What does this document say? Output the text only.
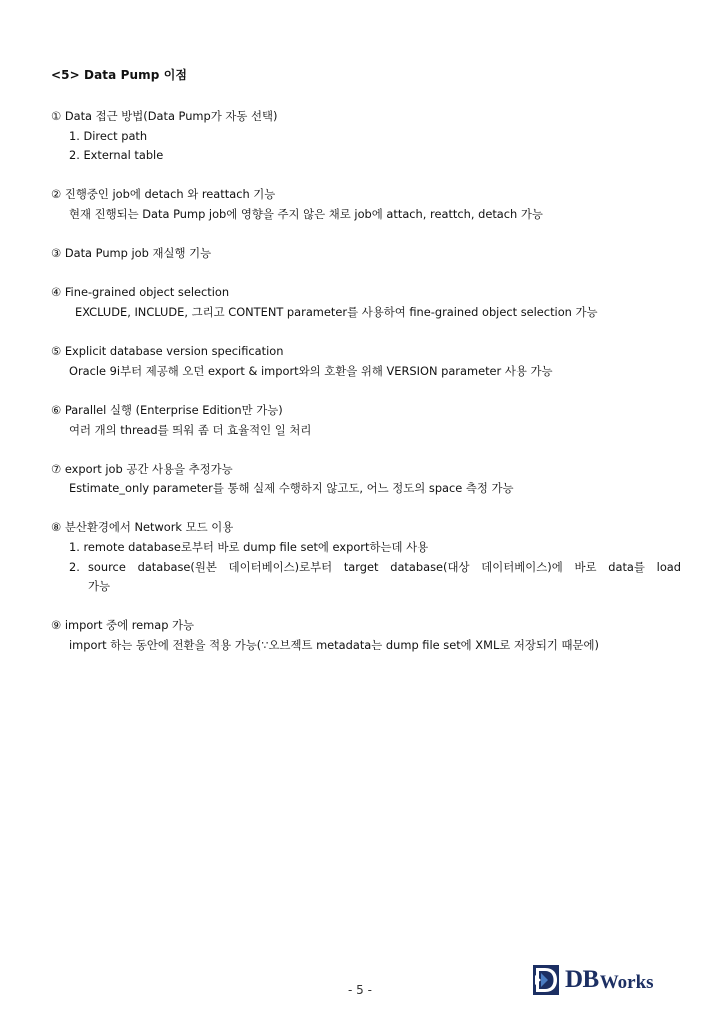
<5> Data Pump 이점
① Data 접근 방법(Data Pump가 자동 선택)
1. Direct path
2. External table
② 진행중인 job에 detach 와 reattach 기능
현재 진행되는 Data Pump job에 영향을 주지 않은 채로 job에 attach, reattch, detach 가능
③ Data Pump job 재실행 기능
④ Fine-grained object selection
EXCLUDE, INCLUDE, 그리고 CONTENT parameter를 사용하여 fine-grained object selection 가능
⑤ Explicit database version specification
Oracle 9i부터 제공해 오던 export & import와의 호환을 위해 VERSION parameter 사용 가능
⑥ Parallel 실행 (Enterprise Edition만 가능)
여러 개의 thread를 띄워 좀 더 효율적인 일 처리
⑦ export job 공간 사용을 추정가능
Estimate_only parameter를 통해 실제 수행하지 않고도, 어느 정도의 space 측정 가능
⑧ 분산환경에서 Network 모드 이용
1. remote database로부터 바로 dump file set에 export하는데 사용
2. source database(원본 데이터베이스)로부터 target database(대상 데이터베이스)에 바로 data를 load
가능
⑨ import 중에 remap 가능
import 하는 동안에 전환을 적용 가능(∵오브젝트 metadata는 dump file set에 XML로 저장되기 때문에)
- 5 -	DB Works
